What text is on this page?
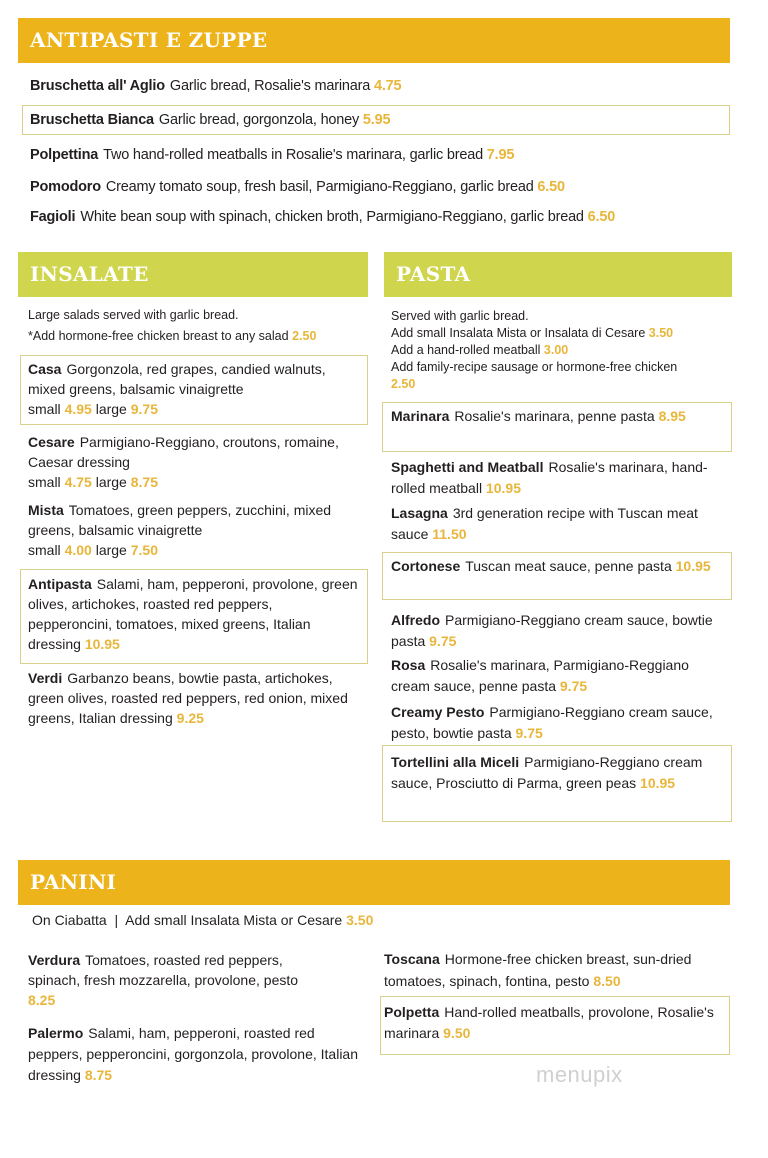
ANTIPASTI E ZUPPE
Bruschetta all' Aglio Garlic bread, Rosalie's marinara 4.75
Bruschetta Bianca Garlic bread, gorgonzola, honey 5.95
Polpettina Two hand-rolled meatballs in Rosalie's marinara, garlic bread 7.95
Pomodoro Creamy tomato soup, fresh basil, Parmigiano-Reggiano, garlic bread 6.50
Fagioli White bean soup with spinach, chicken broth, Parmigiano-Reggiano, garlic bread 6.50
INSALATE
Large salads served with garlic bread.
*Add hormone-free chicken breast to any salad 2.50
Casa Gorgonzola, red grapes, candied walnuts, mixed greens, balsamic vinaigrette
small 4.95 large 9.75
Cesare Parmigiano-Reggiano, croutons, romaine, Caesar dressing
small 4.75 large 8.75
Mista Tomatoes, green peppers, zucchini, mixed greens, balsamic vinaigrette
small 4.00 large 7.50
Antipasta Salami, ham, pepperoni, provolone, green olives, artichokes, roasted red peppers, pepperoncini, tomatoes, mixed greens, Italian dressing 10.95
Verdi Garbanzo beans, bowtie pasta, artichokes, green olives, roasted red peppers, red onion, mixed greens, Italian dressing 9.25
PASTA
Served with garlic bread.
Add small Insalata Mista or Insalata di Cesare 3.50
Add a hand-rolled meatball 3.00
Add family-recipe sausage or hormone-free chicken 2.50
Marinara Rosalie's marinara, penne pasta 8.95
Spaghetti and Meatball Rosalie's marinara, hand-rolled meatball 10.95
Lasagna 3rd generation recipe with Tuscan meat sauce 11.50
Cortonese Tuscan meat sauce, penne pasta 10.95
Alfredo Parmigiano-Reggiano cream sauce, bowtie pasta 9.75
Rosa Rosalie's marinara, Parmigiano-Reggiano cream sauce, penne pasta 9.75
Creamy Pesto Parmigiano-Reggiano cream sauce, pesto, bowtie pasta 9.75
Tortellini alla Miceli Parmigiano-Reggiano cream sauce, Prosciutto di Parma, green peas 10.95
PANINI
On Ciabatta  |  Add small Insalata Mista or Cesare 3.50
Verdura Tomatoes, roasted red peppers, spinach, fresh mozzarella, provolone, pesto 8.25
Palermo Salami, ham, pepperoni, roasted red peppers, pepperoncini, gorgonzola, provolone, Italian dressing 8.75
Toscana Hormone-free chicken breast, sun-dried tomatoes, spinach, fontina, pesto 8.50
Polpetta Hand-rolled meatballs, provolone, Rosalie's marinara 9.50
menupix
